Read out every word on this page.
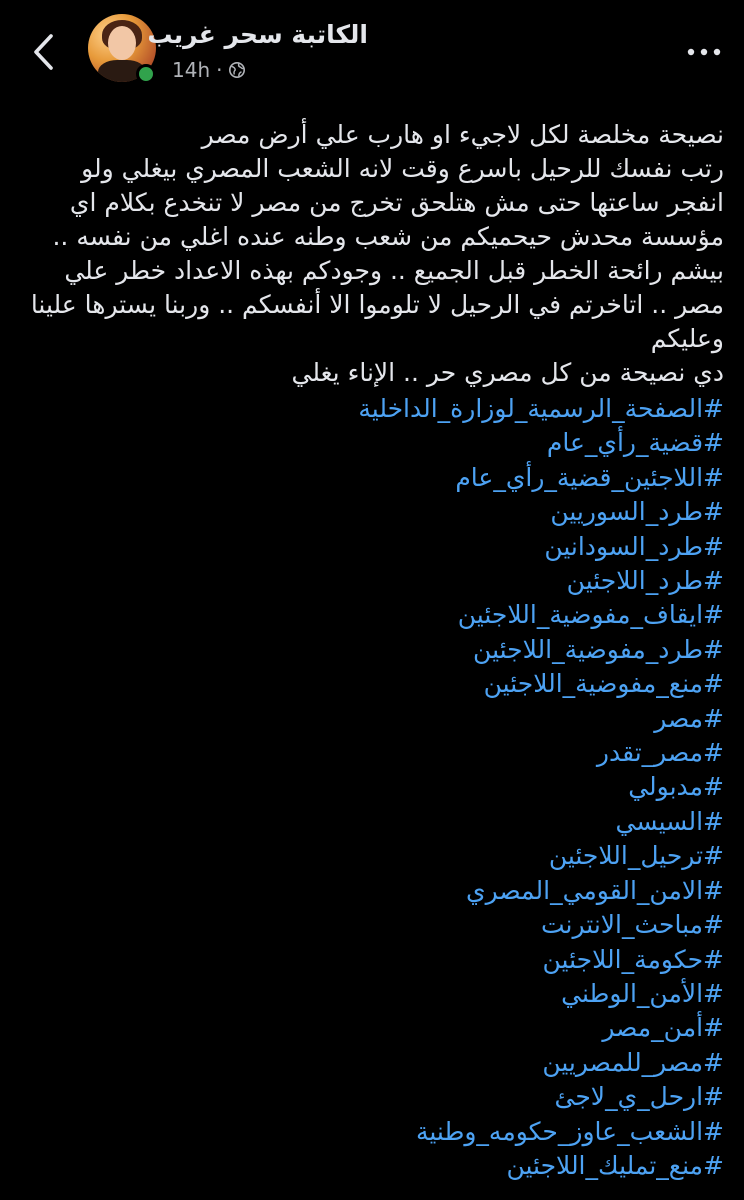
الكاتبة سحر غريب
14h ·
نصيحة مخلصة لكل لاجيء او هارب علي أرض مصر
رتب نفسك للرحيل باسرع وقت لانه الشعب المصري بيغلي ولو
انفجر ساعتها حتى مش هتلحق تخرج من مصر لا تنخدع بكلام اي
مؤسسة محدش حيحميكم من شعب وطنه عنده اغلي من نفسه ..
بيشم رائحة الخطر قبل الجميع .. وجودكم بهذه الاعداد خطر علي
مصر .. اتاخرتم في الرحيل لا تلوموا الا أنفسكم .. وربنا يسترها علينا
وعليكم
دي نصيحة من كل مصري حر .. الإناء يغلي
#الصفحة_الرسمية_لوزارة_الداخلية
#قضية_رأي_عام
#اللاجئين_قضية_رأي_عام
#طرد_السوريين
#طرد_السودانين
#طرد_اللاجئين
#ايقاف_مفوضية_اللاجئين
#طرد_مفوضية_اللاجئين
#منع_مفوضية_اللاجئين
#مصر
#مصر_تقدر
#مدبولي
#السيسي
#ترحيل_اللاجئين
#الامن_القومي_المصري
#مباحث_الانترنت
#حكومة_اللاجئين
#الأمن_الوطني
#أمن_مصر
#مصر_للمصريين
#ارحل_ي_لاجئ
#الشعب_عاوز_حكومه_وطنية
#منع_تمليك_اللاجئين
